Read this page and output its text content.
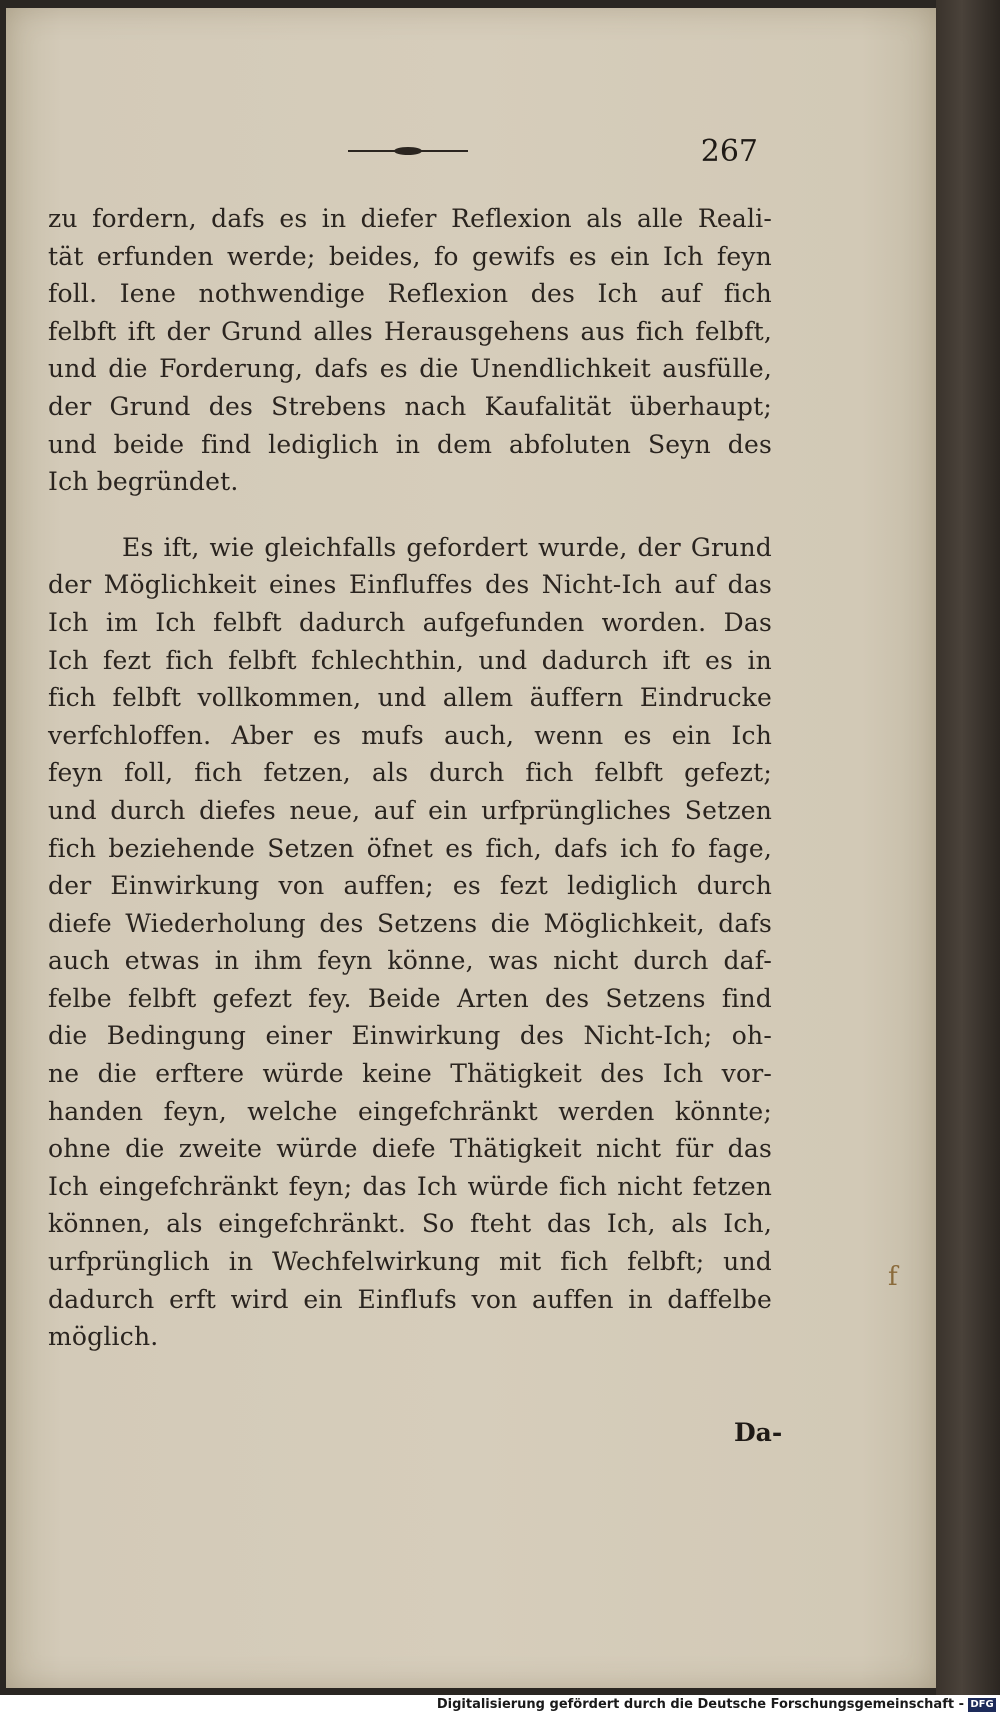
267
zu fordern, dafs es in diefer Reflexion als alle Reali-
tät erfunden werde; beides, fo gewifs es ein Ich feyn
foll. Iene nothwendige Reflexion des Ich auf fich
felbft ift der Grund alles Herausgehens aus fich felbft,
und die Forderung, dafs es die Unendlichkeit ausfülle,
der Grund des Strebens nach Kaufalität überhaupt;
und beide find lediglich in dem abfoluten Seyn des
Ich begründet.
Es ift, wie gleichfalls gefordert wurde, der Grund
der Möglichkeit eines Einfluffes des Nicht-Ich auf das
Ich im Ich felbft dadurch aufgefunden worden. Das
Ich fezt fich felbft fchlechthin, und dadurch ift es in
fich felbft vollkommen, und allem äuffern Eindrucke
verfchloffen. Aber es mufs auch, wenn es ein Ich
feyn foll, fich fetzen, als durch fich felbft gefezt;
und durch diefes neue, auf ein urfprüngliches Setzen
fich beziehende Setzen öfnet es fich, dafs ich fo fage,
der Einwirkung von auffen; es fezt lediglich durch
diefe Wiederholung des Setzens die Möglichkeit, dafs
auch etwas in ihm feyn könne, was nicht durch daf-
felbe felbft gefezt fey. Beide Arten des Setzens find
die Bedingung einer Einwirkung des Nicht-Ich; oh-
ne die erftere würde keine Thätigkeit des Ich vor-
handen feyn, welche eingefchränkt werden könnte;
ohne die zweite würde diefe Thätigkeit nicht für das
Ich eingefchränkt feyn; das Ich würde fich nicht fetzen
können, als eingefchränkt. So fteht das Ich, als Ich,
urfprünglich in Wechfelwirkung mit fich felbft; und
dadurch erft wird ein Einflufs von auffen in daffelbe
möglich.
f
Da-
Digitalisierung gefördert durch die Deutsche Forschungsgemeinschaft - DFG
